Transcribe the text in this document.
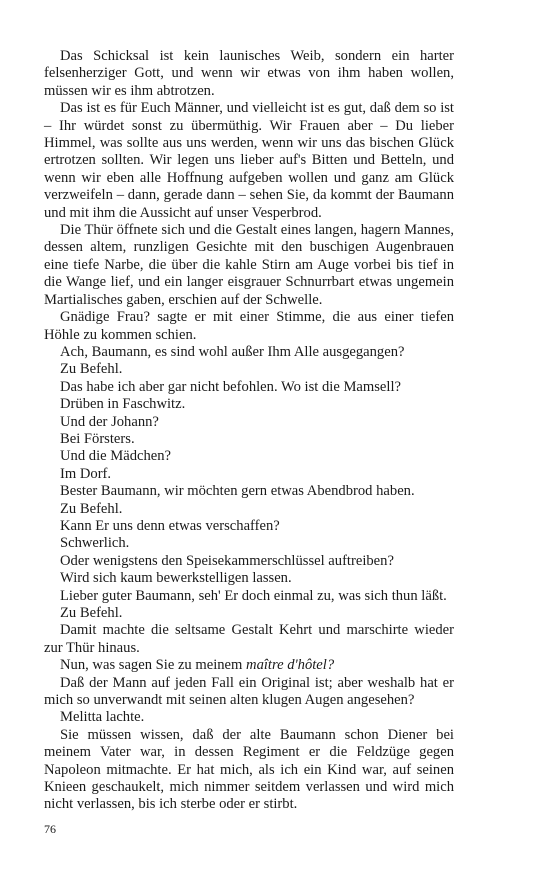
Das Schicksal ist kein launisches Weib, sondern ein harter felsenherziger Gott, und wenn wir etwas von ihm haben wollen, müssen wir es ihm abtrotzen.

Das ist es für Euch Männer, und vielleicht ist es gut, daß dem so ist – Ihr würdet sonst zu übermüthig. Wir Frauen aber – Du lieber Himmel, was sollte aus uns werden, wenn wir uns das bischen Glück ertrotzen sollten. Wir legen uns lieber auf's Bitten und Betteln, und wenn wir eben alle Hoffnung aufgeben wollen und ganz am Glück verzweifeln – dann, gerade dann – sehen Sie, da kommt der Baumann und mit ihm die Aussicht auf unser Vesperbrod.

Die Thür öffnete sich und die Gestalt eines langen, hagern Mannes, dessen altem, runzligen Gesichte mit den buschigen Augenbrauen eine tiefe Narbe, die über die kahle Stirn am Auge vorbei bis tief in die Wange lief, und ein langer eisgrauer Schnurrbart etwas ungemein Martialisches gaben, erschien auf der Schwelle.

Gnädige Frau? sagte er mit einer Stimme, die aus einer tiefen Höhle zu kommen schien.

Ach, Baumann, es sind wohl außer Ihm Alle ausgegangen?

Zu Befehl.

Das habe ich aber gar nicht befohlen. Wo ist die Mamsell?

Drüben in Faschwitz.

Und der Johann?

Bei Försters.

Und die Mädchen?

Im Dorf.

Bester Baumann, wir möchten gern etwas Abendbrod haben.

Zu Befehl.

Kann Er uns denn etwas verschaffen?

Schwerlich.

Oder wenigstens den Speisekammerschlüssel auftreiben?

Wird sich kaum bewerkstelligen lassen.

Lieber guter Baumann, seh' Er doch einmal zu, was sich thun läßt.

Zu Befehl.

Damit machte die seltsame Gestalt Kehrt und marschirte wieder zur Thür hinaus.

Nun, was sagen Sie zu meinem maître d'hôtel?

Daß der Mann auf jeden Fall ein Original ist; aber weshalb hat er mich so unverwandt mit seinen alten klugen Augen angesehen?

Melitta lachte.

Sie müssen wissen, daß der alte Baumann schon Diener bei meinem Vater war, in dessen Regiment er die Feldzüge gegen Napoleon mitmachte. Er hat mich, als ich ein Kind war, auf seinen Knieen geschaukelt, mich nimmer seitdem verlassen und wird mich nicht verlassen, bis ich sterbe oder er stirbt.

76
